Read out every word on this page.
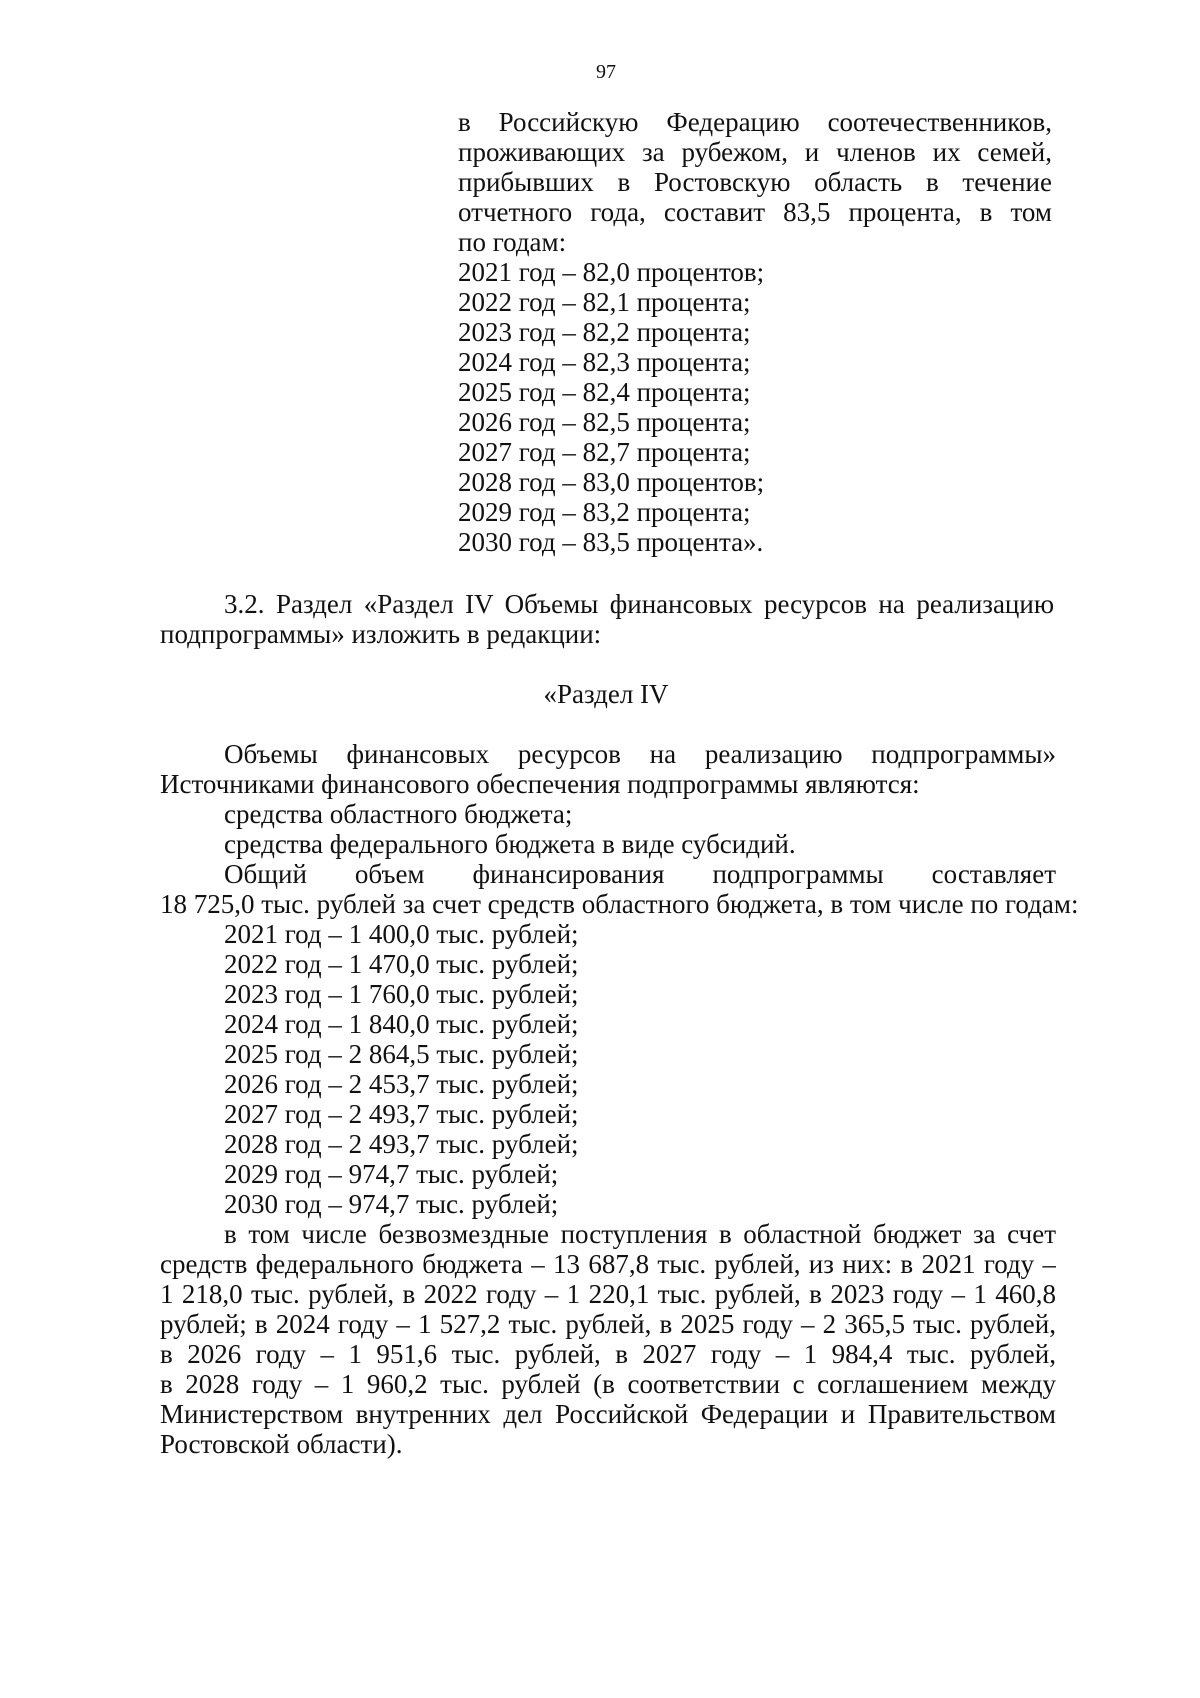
97
в Российскую Федерацию соотечественников,
проживающих за рубежом, и членов их семей,
прибывших в Ростовскую область в течение
отчетного года, составит 83,5 процента, в том
по годам:
2021 год – 82,0 процентов;
2022 год – 82,1 процента;
2023 год – 82,2 процента;
2024 год – 82,3 процента;
2025 год – 82,4 процента;
2026 год – 82,5 процента;
2027 год – 82,7 процента;
2028 год – 83,0 процентов;
2029 год – 83,2 процента;
2030 год – 83,5 процента».
3.2. Раздел «Раздел IV Объемы финансовых ресурсов на реализацию
подпрограммы» изложить в редакции:
«Раздел IV
Объемы финансовых ресурсов на реализацию подпрограммы»
Источниками финансового обеспечения подпрограммы являются:
средства областного бюджета;
средства федерального бюджета в виде субсидий.
Общий объем финансирования подпрограммы составляет
18 725,0 тыс. рублей за счет средств областного бюджета, в том числе по годам:
2021 год – 1 400,0 тыс. рублей;
2022 год – 1 470,0 тыс. рублей;
2023 год – 1 760,0 тыс. рублей;
2024 год – 1 840,0 тыс. рублей;
2025 год – 2 864,5 тыс. рублей;
2026 год – 2 453,7 тыс. рублей;
2027 год – 2 493,7 тыс. рублей;
2028 год – 2 493,7 тыс. рублей;
2029 год – 974,7 тыс. рублей;
2030 год – 974,7 тыс. рублей;
в том числе безвозмездные поступления в областной бюджет за счет
средств федерального бюджета – 13 687,8 тыс. рублей, из них: в 2021 году –
1 218,0 тыс. рублей, в 2022 году – 1 220,1 тыс. рублей, в 2023 году – 1 460,8
рублей; в 2024 году – 1 527,2 тыс. рублей, в 2025 году – 2 365,5 тыс. рублей,
в 2026 году – 1 951,6 тыс. рублей, в 2027 году – 1 984,4 тыс. рублей,
в 2028 году – 1 960,2 тыс. рублей (в соответствии с соглашением между
Министерством внутренних дел Российской Федерации и Правительством
Ростовской области).
